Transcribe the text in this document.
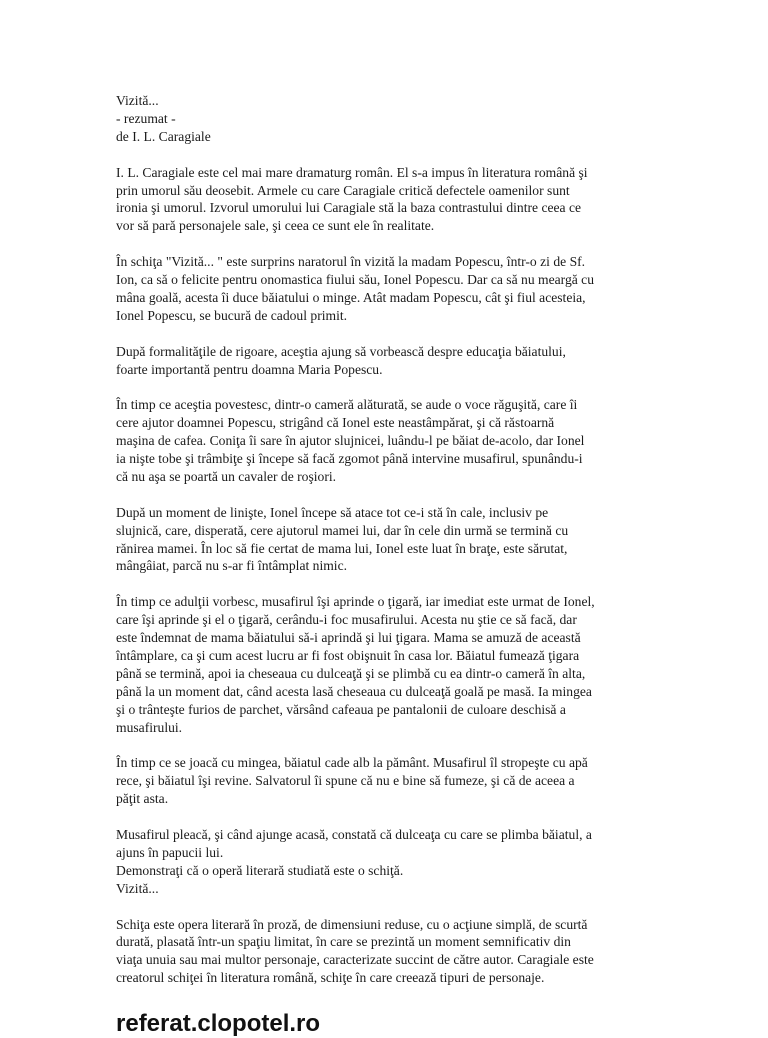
Vizită...
- rezumat -
de I. L. Caragiale
I. L. Caragiale este cel mai mare dramaturg român. El s-a impus în literatura română şi
prin umorul său deosebit. Armele cu care Caragiale critică defectele oamenilor sunt
ironia şi umorul. Izvorul umorului lui Caragiale stă la baza contrastului dintre ceea ce
vor să pară personajele sale, şi ceea ce sunt ele în realitate.
În schiţa "Vizită... " este surprins naratorul în vizită la madam Popescu, într-o zi de Sf.
Ion, ca să o felicite pentru onomastica fiului său, Ionel Popescu. Dar ca să nu meargă cu
mâna goală, acesta îi duce băiatului o minge. Atât madam Popescu, cât şi fiul acesteia,
Ionel Popescu, se bucură de cadoul primit.
După formalităţile de rigoare, aceştia ajung să vorbească despre educaţia băiatului,
foarte importantă pentru doamna Maria Popescu.
În timp ce aceştia povestesc, dintr-o cameră alăturată, se aude o voce răguşită, care îi
cere ajutor doamnei Popescu, strigând că Ionel este neastâmpărat, şi că răstoarnă
maşina de cafea. Coniţa îi sare în ajutor slujnicei, luându-l pe băiat de-acolo, dar Ionel
ia nişte tobe şi trâmbiţe şi începe să facă zgomot până intervine musafirul, spunându-i
că nu aşa se poartă un cavaler de roşiori.
După un moment de linişte, Ionel începe să atace tot ce-i stă în cale, inclusiv pe
slujnică, care, disperată, cere ajutorul mamei lui, dar în cele din urmă se termină cu
rănirea mamei. În loc să fie certat de mama lui, Ionel este luat în braţe, este sărutat,
mângâiat, parcă nu s-ar fi întâmplat nimic.
În timp ce adulţii vorbesc, musafirul îşi aprinde o ţigară, iar imediat este urmat de Ionel,
care îşi aprinde şi el o ţigară, cerându-i foc musafirului. Acesta nu ştie ce să facă, dar
este îndemnat de mama băiatului să-i aprindă şi lui ţigara. Mama se amuză de această
întâmplare, ca şi cum acest lucru ar fi fost obişnuit în casa lor. Băiatul fumează ţigara
până se termină, apoi ia cheseaua cu dulceaţă şi se plimbă cu ea dintr-o cameră în alta,
până la un moment dat, când acesta lasă cheseaua cu dulceaţă goală pe masă. Ia mingea
şi o trânteşte furios de parchet, vărsând cafeaua pe pantalonii de culoare deschisă a
musafirului.
În timp ce se joacă cu mingea, băiatul cade alb la pământ. Musafirul îl stropeşte cu apă
rece, şi băiatul îşi revine. Salvatorul îi spune că nu e bine să fumeze, şi că de aceea a
păţit asta.
Musafirul pleacă, şi când ajunge acasă, constată că dulceaţa cu care se plimba băiatul, a
ajuns în papucii lui.
Demonstraţi că o operă literară studiată este o schiţă.
Vizită...
Schiţa este opera literară în proză, de dimensiuni reduse, cu o acţiune simplă, de scurtă
durată, plasată într-un spaţiu limitat, în care se prezintă un moment semnificativ din
viaţa unuia sau mai multor personaje, caracterizate succint de către autor. Caragiale este
creatorul schiţei în literatura română, schiţe în care creează tipuri de personaje.
referat.clopotel.ro
